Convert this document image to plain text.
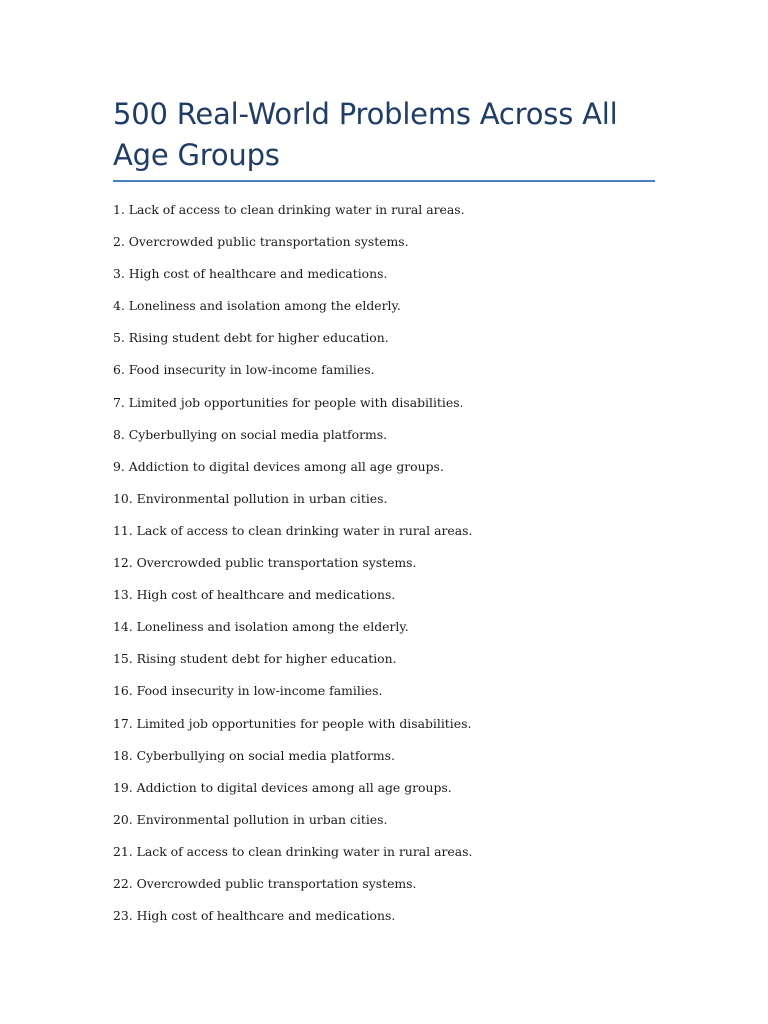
500 Real-World Problems Across All Age Groups
1. Lack of access to clean drinking water in rural areas.
2. Overcrowded public transportation systems.
3. High cost of healthcare and medications.
4. Loneliness and isolation among the elderly.
5. Rising student debt for higher education.
6. Food insecurity in low-income families.
7. Limited job opportunities for people with disabilities.
8. Cyberbullying on social media platforms.
9. Addiction to digital devices among all age groups.
10. Environmental pollution in urban cities.
11. Lack of access to clean drinking water in rural areas.
12. Overcrowded public transportation systems.
13. High cost of healthcare and medications.
14. Loneliness and isolation among the elderly.
15. Rising student debt for higher education.
16. Food insecurity in low-income families.
17. Limited job opportunities for people with disabilities.
18. Cyberbullying on social media platforms.
19. Addiction to digital devices among all age groups.
20. Environmental pollution in urban cities.
21. Lack of access to clean drinking water in rural areas.
22. Overcrowded public transportation systems.
23. High cost of healthcare and medications.
